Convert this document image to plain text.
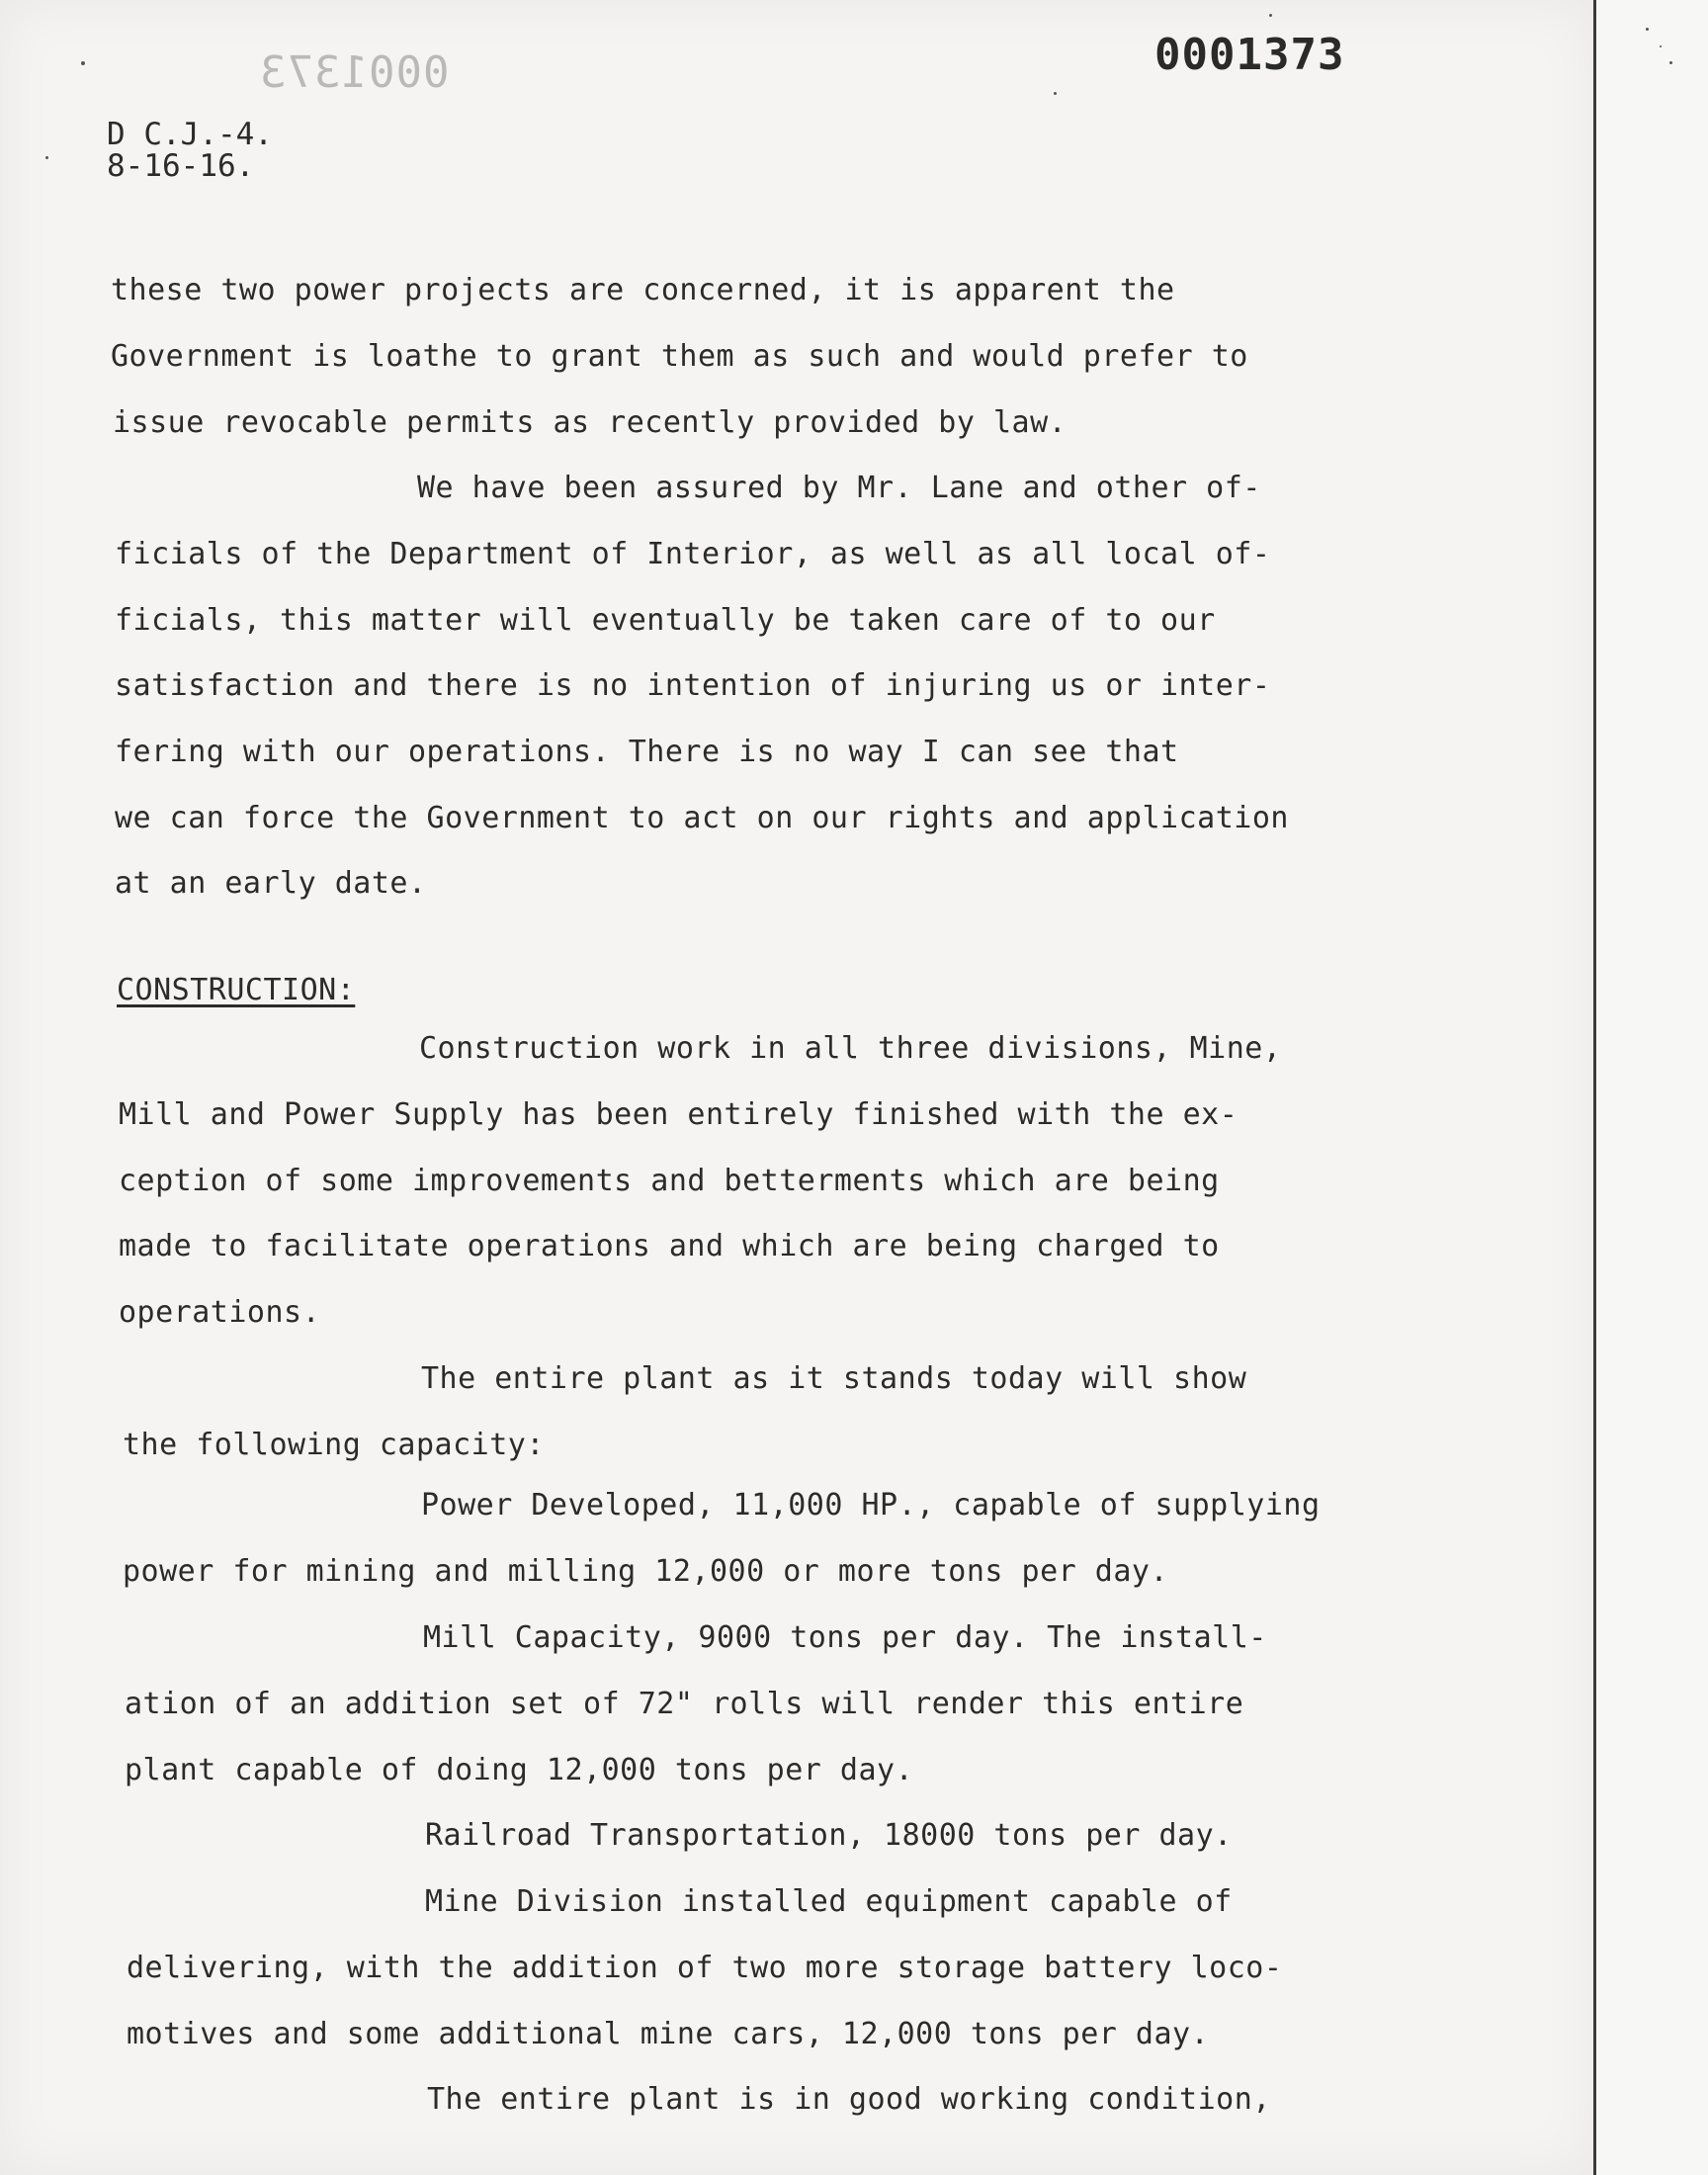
0001373	0001373
D C.J.-4.
8-16-16.
these two power projects are concerned, it is apparent the
Government is loathe to grant them as such and would prefer to
issue revocable permits as recently provided by law.
We have been assured by Mr. Lane and other of-
ficials of the Department of Interior, as well as all local of-
ficials, this matter will eventually be taken care of to our
satisfaction and there is no intention of injuring us or inter-
fering with our operations. There is no way I can see that
we can force the Government to act on our rights and application
at an early date.
CONSTRUCTION:
Construction work in all three divisions, Mine,
Mill and Power Supply has been entirely finished with the ex-
ception of some improvements and betterments which are being
made to facilitate operations and which are being charged to
operations.
The entire plant as it stands today will show
the following capacity:
Power Developed, 11,000 HP., capable of supplying
power for mining and milling 12,000 or more tons per day.
Mill Capacity, 9000 tons per day. The install-
ation of an addition set of 72" rolls will render this entire
plant capable of doing 12,000 tons per day.
Railroad Transportation, 18000 tons per day.
Mine Division installed equipment capable of
delivering, with the addition of two more storage battery loco-
motives and some additional mine cars, 12,000 tons per day.
The entire plant is in good working condition,
